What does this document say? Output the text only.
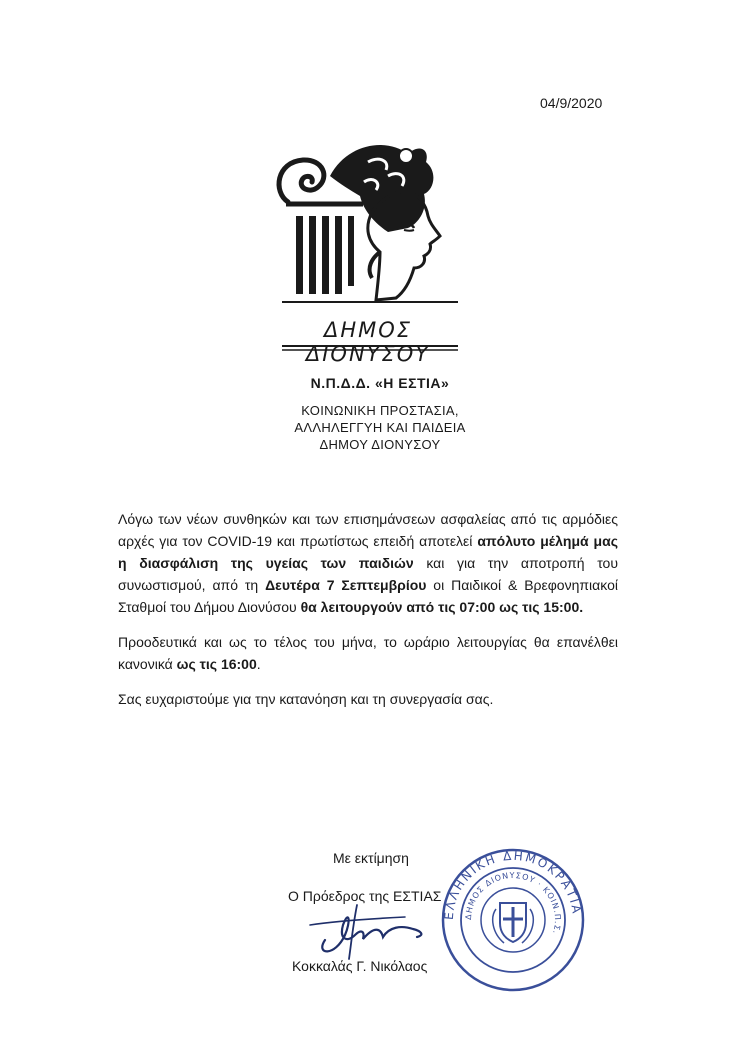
04/9/2020
ΔΗΜΟΣ ΔΙΟΝΥΣΟΥ
Ν.Π.Δ.Δ. «Η ΕΣΤΙΑ»
ΚΟΙΝΩΝΙΚΗ ΠΡΟΣΤΑΣΙΑ,
ΑΛΛΗΛΕΓΓΥΗ ΚΑΙ ΠΑΙΔΕΙΑ
ΔΗΜΟΥ ΔΙΟΝΥΣΟΥ

Λόγω των νέων συνθηκών και των επισημάνσεων ασφαλείας από τις αρμόδιες αρχές για τον COVID-19 και πρωτίστως επειδή αποτελεί απόλυτο μέλημά μας η διασφάλιση της υγείας των παιδιών και για την αποτροπή του συνωστισμού, από τη Δευτέρα 7 Σεπτεμβρίου οι Παιδικοί & Βρεφονηπιακοί Σταθμοί του Δήμου Διονύσου θα λειτουργούν από τις 07:00 ως τις 15:00.

Προοδευτικά και ως το τέλος του μήνα, το ωράριο λειτουργίας θα επανέλθει κανονικά ως τις 16:00.

Σας ευχαριστούμε για την κατανόηση και τη συνεργασία σας.

Με εκτίμηση
Ο Πρόεδρος της ΕΣΤΙΑΣ
Κοκκαλάς Γ. Νικόλαος
ΕΛΛΗΝΙΚΗ ΔΗΜΟΚΡΑΤΙΑ
ΔΗΜΟΣ ΔΙΟΝΥΣΟΥ · ΚΟΙΝ.Π.Σ.
